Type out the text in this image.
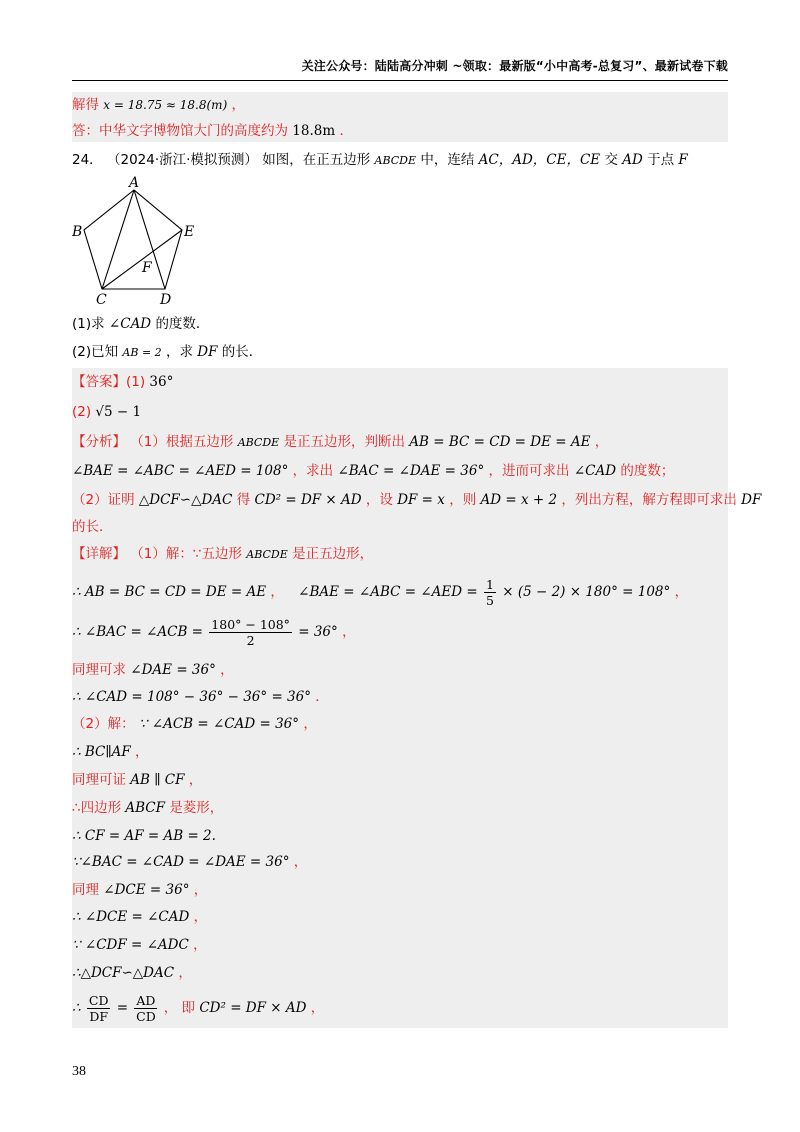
关注公众号：陆陆高分冲刺 ~领取：最新版“小中高考-总复习”、最新试卷下载
解得 x = 18.75 ≈ 18.8(m) ，
答：中华文字博物馆大门的高度约为 18.8m ．
24． （2024·浙江·模拟预测） 如图，在正五边形 ABCDE 中，连结 AC，AD，CE，CE 交 AD 于点 F
A
B
C	D
E
F
(1)求 ∠CAD 的度数．
(2)已知 AB = 2 ，求 DF 的长．
【答案】(1) 36°
(2) √5 − 1
【分析】 （1）根据五边形 ABCDE 是正五边形，判断出 AB = BC = CD = DE = AE ，
∠BAE = ∠ABC = ∠AED = 108° ，求出 ∠BAC = ∠DAE = 36° ，进而可求出 ∠CAD 的度数；
（2）证明 △DCF∽△DAC 得 CD² = DF × AD ，设 DF = x ，则 AD = x + 2 ，列出方程，解方程即可求出 DF
的长．
【详解】 （1）解：∵五边形 ABCDE 是正五边形，
∴ AB = BC = CD = DE = AE ， ∠BAE = ∠ABC = ∠AED = $\frac{1}{5} \times (5 - 2) \times 180^\circ = 108^\circ$ ，
∴ ∠BAC = ∠ACB = $\frac{180^\circ - 108^\circ}{2} = 36^\circ$ ，
同理可求 ∠DAE = 36° ，
∴ ∠CAD = 108° − 36° − 36° = 36° ．
（2）解： ∵ ∠ACB = ∠CAD = 36° ，
∴ BC∥AF ，
同理可证 AB ∥ CF ，
∴四边形 ABCF 是菱形，
∴ CF = AF = AB = 2.
∵∠BAC = ∠CAD = ∠DAE = 36° ，
同理 ∠DCE = 36° ，
∴ ∠DCE = ∠CAD ，
∵ ∠CDF = ∠ADC ，
∴△DCF∽△DAC ，
∴ $\frac{CD}{DF} = \frac{AD}{CD}$ ， 即 CD² = DF × AD ，
38
